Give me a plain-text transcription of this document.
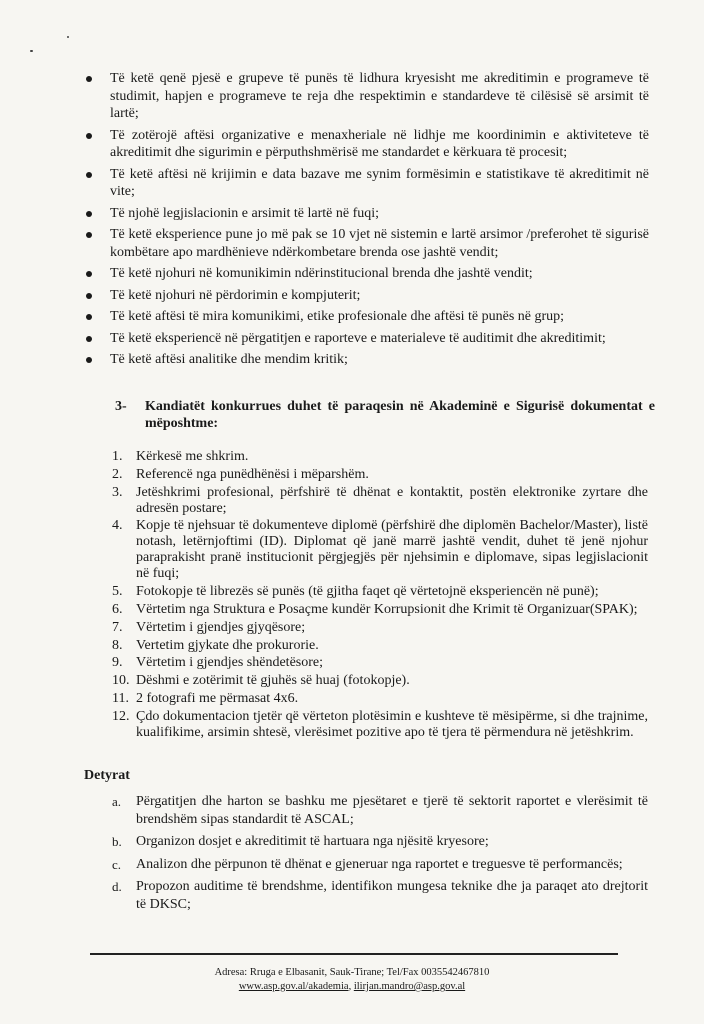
Të ketë qenë pjesë e grupeve të punës të lidhura kryesisht me akreditimin e programeve të studimit, hapjen e programeve te reja dhe respektimin e standardeve të cilësisë së arsimit të lartë;
Të zotërojë aftësi organizative e menaxheriale në lidhje me koordinimin e aktiviteteve të akreditimit dhe sigurimin e përputhshmërisë me standardet e kërkuara të procesit;
Të ketë aftësi në krijimin e data bazave me synim formësimin e statistikave të akreditimit në vite;
Të njohë legjislacionin e arsimit të lartë në fuqi;
Të ketë eksperience pune jo më pak se 10 vjet në sistemin e lartë arsimor /preferohet të sigurisë kombëtare apo mardhënieve ndërkombetare brenda ose jashtë vendit;
Të ketë njohuri në komunikimin ndërinstitucional brenda dhe jashtë vendit;
Të ketë njohuri në përdorimin e kompjuterit;
Të ketë aftësi të mira komunikimi, etike profesionale dhe aftësi të punës në grup;
Të ketë eksperiencë në përgatitjen e raporteve e materialeve të auditimit dhe akreditimit;
Të ketë aftësi analitike dhe mendim kritik;
3-	Kandiatët konkurrues duhet të paraqesin në Akademinë e Sigurisë dokumentat e mëposhtme:
1. Kërkesë me shkrim.
2. Referencë nga punëdhënësi i mëparshëm.
3. Jetëshkrimi profesional, përfshirë të dhënat e kontaktit, postën elektronike zyrtare dhe adresën postare;
4. Kopje të njehsuar të dokumenteve diplomë (përfshirë dhe diplomën Bachelor/Master), listë notash, letërnjoftimi (ID). Diplomat që janë marrë jashtë vendit, duhet të jenë njohur paraprakisht pranë institucionit përgjegjës për njehsimin e diplomave, sipas legjislacionit në fuqi;
5. Fotokopje të librezës së punës (të gjitha faqet që vërtetojnë eksperiencën në punë);
6. Vërtetim nga Struktura e Posaçme kundër Korrupsionit dhe Krimit të Organizuar(SPAK);
7. Vërtetim i gjendjes gjyqësore;
8. Vertetim gjykate dhe prokurorie.
9. Vërtetim i gjendjes shëndetësore;
10. Dëshmi e zotërimit të gjuhës së huaj (fotokopje).
11. 2 fotografi me përmasat 4x6.
12. Çdo dokumentacion tjetër që vërteton plotësimin e kushteve të mësipërme, si dhe trajnime, kualifikime, arsimin shtesë, vlerësimet pozitive apo të tjera të përmendura në jetëshkrim.
Detyrat
a. Përgatitjen dhe harton se bashku me pjesëtaret e tjerë të sektorit raportet e vlerësimit të brendshëm sipas standardit të ASCAL;
b. Organizon dosjet e akreditimit të hartuara nga njësitë kryesore;
c. Analizon dhe përpunon të dhënat e gjeneruar nga raportet e treguesve të performancës;
d. Propozon auditime të brendshme, identifikon mungesa teknike dhe ja paraqet ato drejtorit të DKSC;
Adresa: Rruga e Elbasanit, Sauk-Tirane; Tel/Fax 0035542467810
www.asp.gov.al/akademia, ilirjan.mandro@asp.gov.al
